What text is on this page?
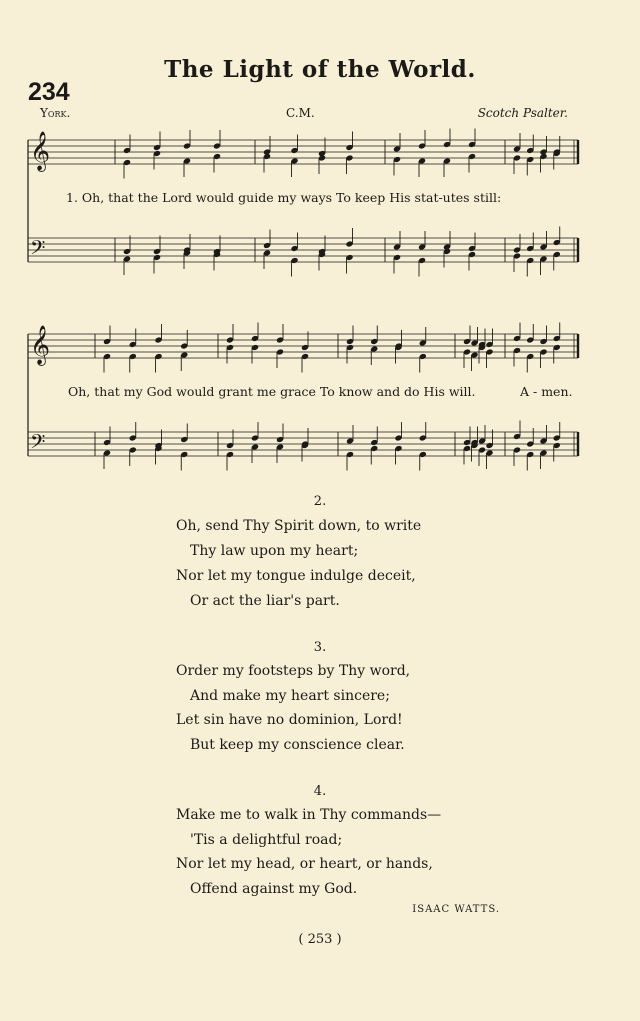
The Light of the World.
234
York.	C.M.	Scotch Psalter.
𝄞
𝄢
1. Oh, that the Lord would guide my ways To keep His stat-utes still:
𝄞
𝄢
Oh, that my God would grant me grace To know and do His will.	A - men.
2.
Oh, send Thy Spirit down, to write
Thy law upon my heart;
Nor let my tongue indulge deceit,
Or act the liar's part.
3.
Order my footsteps by Thy word,
And make my heart sincere;
Let sin have no dominion, Lord!
But keep my conscience clear.
4.
Make me to walk in Thy commands—
'Tis a delightful road;
Nor let my head, or heart, or hands,
Offend against my God.
ISAAC WATTS.
( 253 )
